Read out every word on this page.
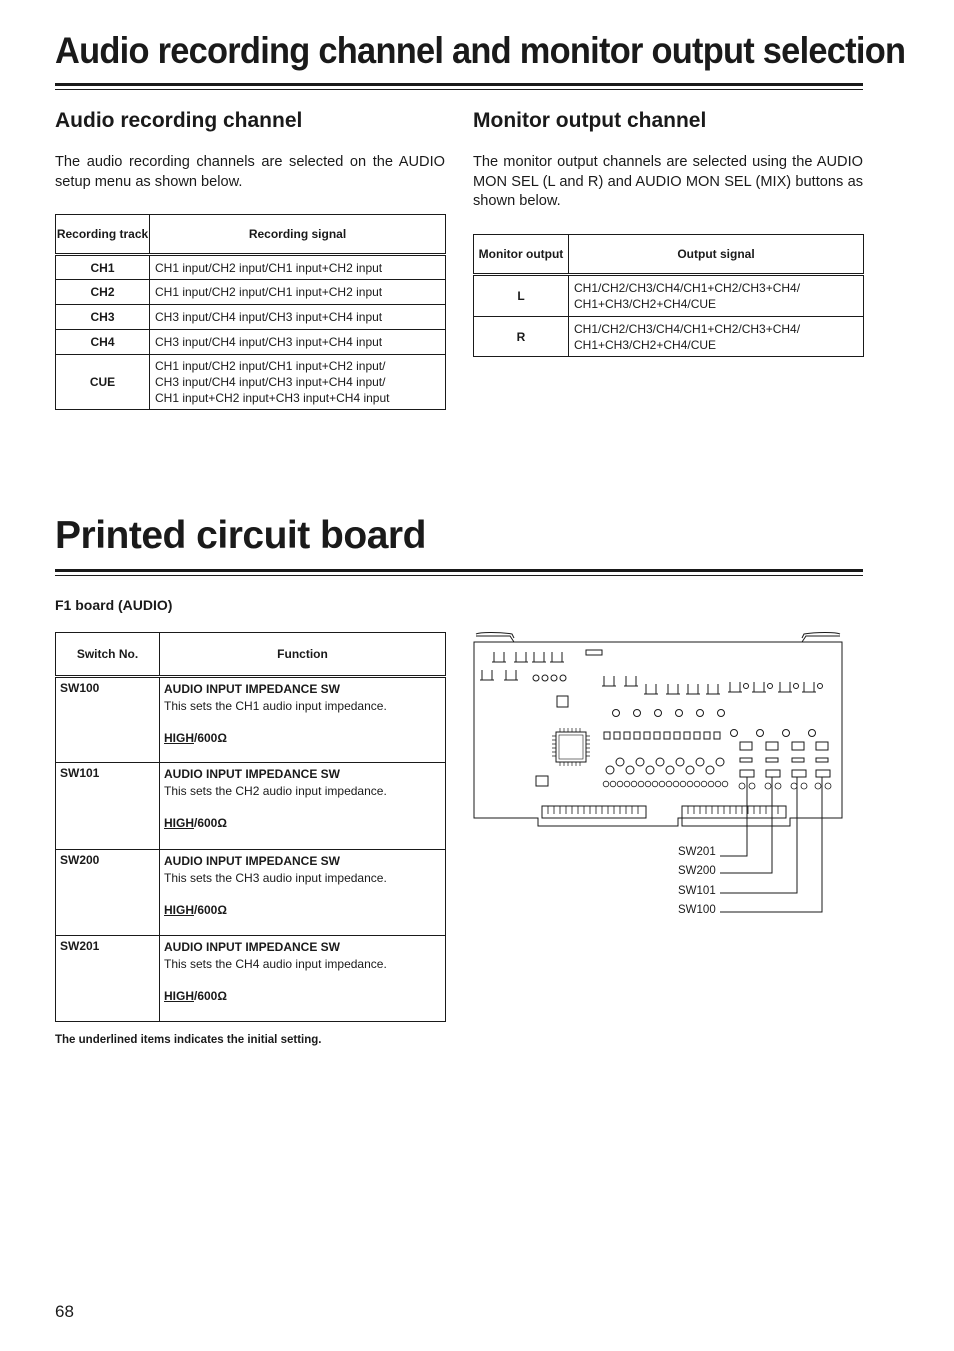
Audio recording channel and monitor output selection
Audio recording channel
The audio recording channels are selected on the AUDIO setup menu as shown below.
Recording track	Recording signal
CH1	CH1 input/CH2 input/CH1 input+CH2 input
CH2	CH1 input/CH2 input/CH1 input+CH2 input
CH3	CH3 input/CH4 input/CH3 input+CH4 input
CH4	CH3 input/CH4 input/CH3 input+CH4 input
CUE	CH1 input/CH2 input/CH1 input+CH2 input/
CH3 input/CH4 input/CH3 input+CH4 input/
CH1 input+CH2 input+CH3 input+CH4 input
Monitor output channel
The monitor output channels are selected using the AUDIO MON SEL (L and R) and AUDIO MON SEL (MIX) buttons as shown below.
Monitor output	Output signal
L	CH1/CH2/CH3/CH4/CH1+CH2/CH3+CH4/
CH1+CH3/CH2+CH4/CUE

R	CH1/CH2/CH3/CH4/CH1+CH2/CH3+CH4/
CH1+CH3/CH2+CH4/CUE
Printed circuit board
F1 board (AUDIO)
Switch No.	Function
SW100	AUDIO INPUT IMPEDANCE SW
This sets the CH1 audio input impedance.
HIGH/600Ω

SW101	AUDIO INPUT IMPEDANCE SW
This sets the CH2 audio input impedance.
HIGH/600Ω

SW200	AUDIO INPUT IMPEDANCE SW
This sets the CH3 audio input impedance.
HIGH/600Ω

SW201	AUDIO INPUT IMPEDANCE SW
This sets the CH4 audio input impedance.
HIGH/600Ω
The underlined items indicates the initial setting.
SW201
SW200
SW101
SW100
68
